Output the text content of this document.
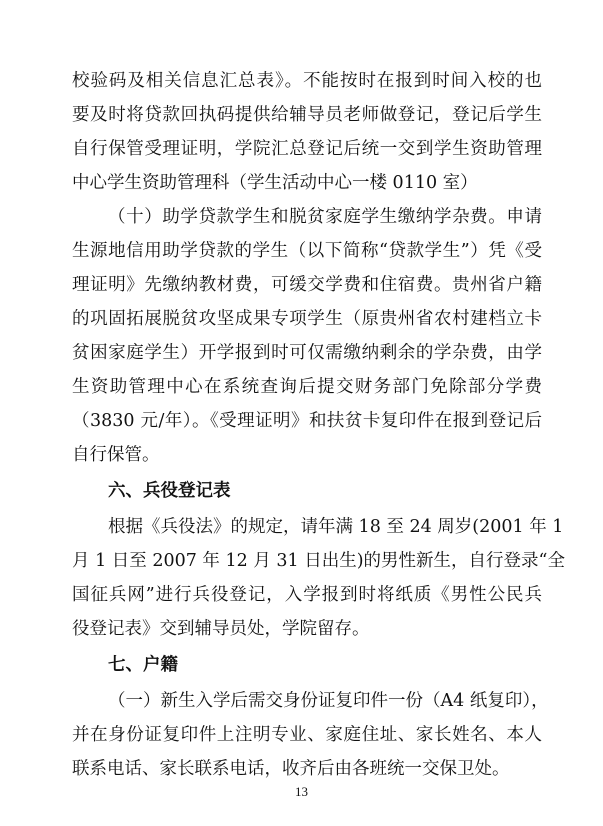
校验码及相关信息汇总表》。不能按时在报到时间入校的也
要及时将贷款回执码提供给辅导员老师做登记，登记后学生
自行保管受理证明，学院汇总登记后统一交到学生资助管理
中心学生资助管理科（学生活动中心一楼 0110 室）
（十）助学贷款学生和脱贫家庭学生缴纳学杂费。申请
生源地信用助学贷款的学生（以下简称“贷款学生”）凭《受
理证明》先缴纳教材费，可缓交学费和住宿费。贵州省户籍
的巩固拓展脱贫攻坚成果专项学生（原贵州省农村建档立卡
贫困家庭学生）开学报到时可仅需缴纳剩余的学杂费，由学
生资助管理中心在系统查询后提交财务部门免除部分学费
（3830 元/年）。《受理证明》和扶贫卡复印件在报到登记后
自行保管。
六、兵役登记表
根据《兵役法》的规定，请年满 18 至 24 周岁(2001 年 1
月 1 日至 2007 年 12 月 31 日出生)的男性新生，自行登录“全
国征兵网”进行兵役登记，入学报到时将纸质《男性公民兵
役登记表》交到辅导员处，学院留存。
七、户籍
（一）新生入学后需交身份证复印件一份（A4 纸复印），
并在身份证复印件上注明专业、家庭住址、家长姓名、本人
联系电话、家长联系电话，收齐后由各班统一交保卫处。
13
